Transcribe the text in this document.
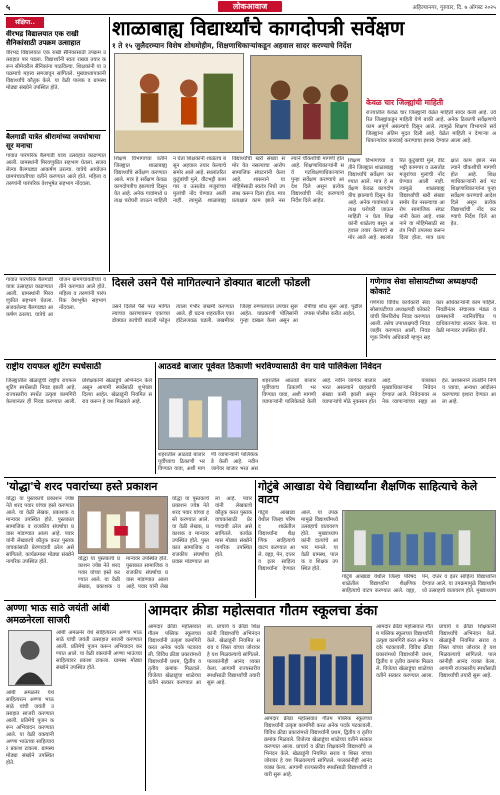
५	लोकआवाज	अहिल्यानगर, गुरुवार, दि. ७ ऑगस्ट २०२५
संक्षिप्त..
वीरभद्र विद्यालयात एक राखी सैनिकांसाठी उपक्रम उत्साहात
वीरभद्र विद्यालयात एक राखी सैनिकांसाठी उपक्रम उत्साहात पार पडला. विद्यार्थ्यांनी स्वतः राख्या तयार करून सीमेवरील सैनिकांना पाठविल्या. शिक्षकांनी या उपक्रमाचे महत्त्व समजावून सांगितले. मुख्याध्यापकांनी विद्यार्थ्यांचे कौतुक केले. या वेळी पालक व ग्रामस्थ मोठ्या संख्येने उपस्थित होते.
बैलगाडी यात्रेत श्रीरामांच्या जयघोषाचा सूर मनाचा
गावात पारंपरिक बैलगाडी यात्रा उत्साहात काढण्यात आली. ग्रामस्थांनी मिरवणुकीत सहभाग घेतला. सजवलेल्या बैलगाड्या आकर्षण ठरल्या. यात्रेचे आयोजन ग्रामपंचायतीच्या वतीने करण्यात आले होते. महिला व तरुणांनी पारंपरिक वेशभूषेत सहभाग नोंदवला.
शाळाबाह्य विद्यार्थ्यांचे कागदोपत्री सर्वेक्षण
१ ते १५ जुलैदरम्यान विशेष शोधमोहीम, शिक्षणाधिकाऱ्यांकडून अहवाल सादर करण्याचे निर्देश
शिक्षण विभागाच्या वतीने जिल्ह्यात शाळाबाह्य विद्यार्थ्यांचे सर्वेक्षण करण्यात आले. मात्र हे सर्वेक्षण केवळ कागदोपत्रीच झाल्याचे दिसून येत आहे. अनेक गावांमध्ये प्रत्यक्ष घरोघरी जाऊन माहिती न घेता शिक्षकांनी शाळेतच बसून अहवाल तयार केल्याचे समोर आले आहे. स्थलांतरित कुटुंबांची मुले, वीटभट्टी कामगार व ऊसतोड मजुरांच्या मुलांची नोंद घेण्यात आली नाही. त्यामुळे शाळाबाह्य विद्यार्थ्यांची खरी संख्या समोर येत नसल्याचा आरोप सामाजिक संघटनांनी केला आहे. शासनाने या मोहिमेसाठी स्वतंत्र निधी उपलब्ध करून दिला होता. मात्र प्रत्यक्षात काम झाले नसल्याने चौकशीची मागणी होत आहे. शिक्षणाधिकाऱ्यांनी सर्व गटशिक्षणाधिकाऱ्यांना पुन्हा सर्वेक्षण करण्याचे आदेश दिले असून प्रत्येक विद्यार्थ्याची नोंद करण्याचे निर्देश दिले आहेत.
केवळ चार जिल्ह्यांची माहिती
राज्यातील केवळ चार जिल्ह्यांनी वेळेत माहिती सादर केली आहे. उर्वरित जिल्ह्यांकडून माहिती येणे बाकी आहे. अनेक ठिकाणी सर्वेक्षणाचे काम अपूर्ण असल्याचे दिसून आले. त्यामुळे शिक्षण विभागाने सर्व जिल्ह्यांना अंतिम मुदत दिली आहे. वेळेत माहिती न देणाऱ्या अधिकाऱ्यांवर कारवाई करण्याचा इशारा देण्यात आला आहे.
शिक्षण विभागाच्या वतीने जिल्ह्यात शाळाबाह्य विद्यार्थ्यांचे सर्वेक्षण करण्यात आले. मात्र हे सर्वेक्षण केवळ कागदोपत्रीच झाल्याचे दिसून येत आहे. अनेक गावांमध्ये प्रत्यक्ष घरोघरी जाऊन माहिती न घेता शिक्षकांनी शाळेतच बसून अहवाल तयार केल्याचे समोर आले आहे. स्थलांतरित कुटुंबांची मुले, वीटभट्टी कामगार व ऊसतोड मजुरांच्या मुलांची नोंद घेण्यात आली नाही. त्यामुळे शाळाबाह्य विद्यार्थ्यांची खरी संख्या समोर येत नसल्याचा आरोप सामाजिक संघटनांनी केला आहे. शासनाने या मोहिमेसाठी स्वतंत्र निधी उपलब्ध करून दिला होता. मात्र प्रत्यक्षात काम झाले नसल्याने चौकशीची मागणी होत आहे. शिक्षणाधिकाऱ्यांनी सर्व गटशिक्षणाधिकाऱ्यांना पुन्हा सर्वेक्षण करण्याचे आदेश दिले असून प्रत्येक विद्यार्थ्याची नोंद करण्याचे निर्देश दिले आहेत.
दिसले उसने पैसे मागितल्याने डोक्यात बाटली फोडली
उसने दिलेले पैसे परत मागितल्याच्या कारणावरून एकाच्या डोक्यात काचेची बाटली फोडून त्याला गंभीर जखमी करण्यात आले. ही घटना शहरातील एका हॉटेलजवळ घडली. जखमीवर जिल्हा रुग्णालयात उपचार सुरू आहेत. याप्रकरणी पोलिसांनी गुन्हा दाखल केला असून आरोपीचा शोध सुरू आहे. पुढील तपास पोलीस करीत आहेत.
गणेगाव सेवा सोसायटीच्या अध्यक्षपदी कोकाटे
गणेगाव विविध कार्यकारी सेवा सोसायटीच्या अध्यक्षपदी कोकाटे यांची बिनविरोध निवड करण्यात आली. तसेच उपाध्यक्षपदी निवड जाहीर करण्यात आली. निवडणूक निर्णय अधिकारी म्हणून सहकार अधिकाऱ्यांनी काम पाहिले. निवडीनंतर संचालक मंडळ व ग्रामस्थांनी नवनिर्वाचित पदाधिकाऱ्यांचा सत्कार केला. या वेळी मान्यवर उपस्थित होते.
गावात पारंपरिक बैलगाडी यात्रा उत्साहात काढण्यात आली. ग्रामस्थांनी मिरवणुकीत सहभाग घेतला. सजवलेल्या बैलगाड्या आकर्षण ठरल्या. यात्रेचे आयोजन ग्रामपंचायतीच्या वतीने करण्यात आले होते. महिला व तरुणांनी पारंपरिक वेशभूषेत सहभाग नोंदवला.
राष्ट्रीय रायफल शूटिंग स्पर्धेसाठी
जिल्ह्यातील खेळाडूंची राष्ट्रीय रायफल शूटिंग स्पर्धेसाठी निवड झाली आहे. राज्यस्तरीय स्पर्धेत उत्कृष्ट कामगिरी केल्यानंतर ही निवड करण्यात आली. प्रशिक्षकांनी खेळाडूंचे अभिनंदन केले असून आगामी स्पर्धेसाठी शुभेच्छा दिल्या आहेत. खेळाडूंनी नियमित सराव करून हे यश मिळवले आहे.
आठवडे बाजार पूर्ववत ठिकाणी भरविण्यासाठी वेग यावे पालिकेला निवेदन
शहरातील आठवडे बाजार पूर्वीच्याच ठिकाणी भरविण्यात यावा, अशी मागणी व्यापाऱ्यांनी पालिकेकडे केली आहे. नवीन जागेवर बाजार भरत असल्याने ग्राहकांची संख्या कमी झाली असून व्यापाऱ्यांचे मोठे नुकसान होत आहे. याबाबत मुख्याधिकाऱ्यांना निवेदन देण्यात आले. निवेदनावर अनेक व्यापाऱ्यांच्या सह्या आहेत. प्रशासनाने तातडीने निर्णय घ्यावा, अन्यथा आंदोलन करण्याचा इशारा देण्यात आला आहे.
शहरातील आठवडे बाजार पूर्वीच्याच ठिकाणी भरविण्यात यावा, अशी मागणी व्यापाऱ्यांनी पालिकेकडे केली आहे. नवीन जागेवर बाजार भरत अस
'योद्धा'चे शरद पवारांच्या हस्ते प्रकाशन
योद्धा या पुस्तकाचे प्रकाशन ज्येष्ठ नेते शरद पवार यांच्या हस्ते करण्यात आले. या वेळी लेखक, प्रकाशक व मान्यवर उपस्थित होते. पुस्तकात सामाजिक व राजकीय संघर्षाचा प्रवास मांडण्यात आला आहे. पवार यांनी लेखकाचे कौतुक करत पुस्तक वाचकांसाठी प्रेरणादायी ठरेल असे सांगितले. कार्यक्रमास मोठ्या संख्येने नागरिक उपस्थित होते.
योद्धा या पुस्तकाचे प्रकाशन ज्येष्ठ नेते शरद पवार यांच्या हस्ते करण्यात आले. या वेळी लेखक, प्रकाशक व मान्यवर उपस्थित होते. पुस्तकात सामाजिक व राजकीय संघर्षाचा प्रवास मांडण्यात आला आहे. पवार यांनी लेखकाचे कौतुक करत पुस्तक वाचकांसाठी प्रेरणादायी ठरेल असे सांगितले. कार्यक्रमास मोठ्या संख्येने नागरिक उपस्थित होते.
योद्धा या पुस्तकाचे प्रकाशन ज्येष्ठ नेते शरद पवार यांच्या हस्ते करण्यात आले. या वेळी लेखक, प्रकाशक व मान्यवर उपस्थित होते. पुस्तकात सामाजिक व राजकीय संघर्षाचा प्रवास मांडण्यात आला आहे. पवार यांनी लेख
गोटुंबे आखाडा येथे विद्यार्थ्यांना शैक्षणिक साहित्याचे केले वाटप
गोटुंबे आखाडा येथील जिल्हा परिषद शाळेतील विद्यार्थ्यांना शैक्षणिक साहित्याचे वाटप करण्यात आले. वह्या, पेन, दप्तर व इतर साहित्य विद्यार्थ्यांना देण्यात आले. या उपक्रमामुळे विद्यार्थ्यांमध्ये उत्साहाचे वातावरण होते. मुख्याध्यापकांनी दात्यांचे आभार मानले. या वेळी ग्रामस्थ, पालक व शिक्षक उपस्थित होते.
गोटुंबे आखाडा येथील जिल्हा परिषद शाळेतील विद्यार्थ्यांना शैक्षणिक साहित्याचे वाटप करण्यात आले. वह्या, पेन, दप्तर व इतर साहित्य विद्यार्थ्यांना देण्यात आले. या उपक्रमामुळे विद्यार्थ्यांमध्ये उत्साहाचे वातावरण होते. मुख्याध्याप
अण्णा भाऊ साठे जयंती आंबी अमळनेरला साजरी
आंबी अमळनेर येथे साहित्यरत्न अण्णा भाऊ साठे यांची जयंती उत्साहात साजरी करण्यात आली. प्रतिमेचे पूजन करून अभिवादन करण्यात आले. या वेळी वक्त्यांनी अण्णा भाऊंच्या साहित्यावर प्रकाश टाकला. ग्रामस्थ मोठ्या संख्येने उपस्थित होते.
आंबी अमळनेर येथे साहित्यरत्न अण्णा भाऊ साठे यांची जयंती उत्साहात साजरी करण्यात आली. प्रतिमेचे पूजन करून अभिवादन करण्यात आले. या वेळी वक्त्यांनी अण्णा भाऊंच्या साहित्यावर प्रकाश टाकला. ग्रामस्थ मोठ्या संख्येने उपस्थित होते.
आमदार क्रीडा महोत्सवात गौतम स्कूलचा डंका
आमदार क्रीडा महोत्सवात गौतम पब्लिक स्कूलच्या विद्यार्थ्यांनी उत्कृष्ट कामगिरी करत अनेक पदके पटकावली. विविध क्रीडा प्रकारांमध्ये विद्यार्थ्यांनी प्रथम, द्वितीय व तृतीय क्रमांक मिळवले. विजेत्या खेळाडूंचा शाळेच्या वतीने सत्कार करण्यात आला. प्राचार्य व क्रीडा शिक्षकांनी विद्यार्थ्यांचे अभिनंदन केले. खेळाडूंनी नियमित सराव व शिस्त यांच्या जोरावर हे यश मिळवल्याचे सांगितले. पालकांनीही आनंद व्यक्त केला. आगामी राज्यस्तरीय स्पर्धांसाठी विद्यार्थ्यांची तयारी सुरू आहे.
आमदार क्रीडा महोत्सवात गौतम पब्लिक स्कूलच्या विद्यार्थ्यांनी उत्कृष्ट कामगिरी करत अनेक पदके पटकावली. विविध क्रीडा प्रकारांमध्ये विद्यार्थ्यांनी प्रथम, द्वितीय व तृतीय क्रमांक मिळवले. विजेत्या खेळाडूंचा शाळेच्या वतीने सत्कार करण्यात आला. प्राचार्य व क्रीडा शिक्षकांनी विद्यार्थ्यांचे अभिनंदन केले. खेळाडूंनी नियमित सराव व शिस्त यांच्या जोरावर हे यश मिळवल्याचे सांगितले. पालकांनीही आनंद व्यक्त केला. आगामी राज्यस्तरीय स्पर्धांसाठी विद्यार्थ्यांची तयारी सुरू आहे.
आमदार क्रीडा महोत्सवात गौतम पब्लिक स्कूलच्या विद्यार्थ्यांनी उत्कृष्ट कामगिरी करत अनेक पदके पटकावली. विविध क्रीडा प्रकारांमध्ये विद्यार्थ्यांनी प्रथम, द्वितीय व तृतीय क्रमांक मिळवले. विजेत्या खेळाडूंचा शाळेच्या वतीने सत्कार करण्यात आला. प्राचार्य व क्रीडा शिक्षकांनी विद्यार्थ्यांचे अभिनंदन केले. खेळाडूंनी नियमित सराव व शिस्त यांच्या जोरावर हे यश मिळवल्याचे सांगितले. पालकांनीही आनंद व्यक्त केला. आगामी राज्यस्तरीय स्पर्धांसाठी विद्यार्थ्यांची तयारी सुरू आहे.
